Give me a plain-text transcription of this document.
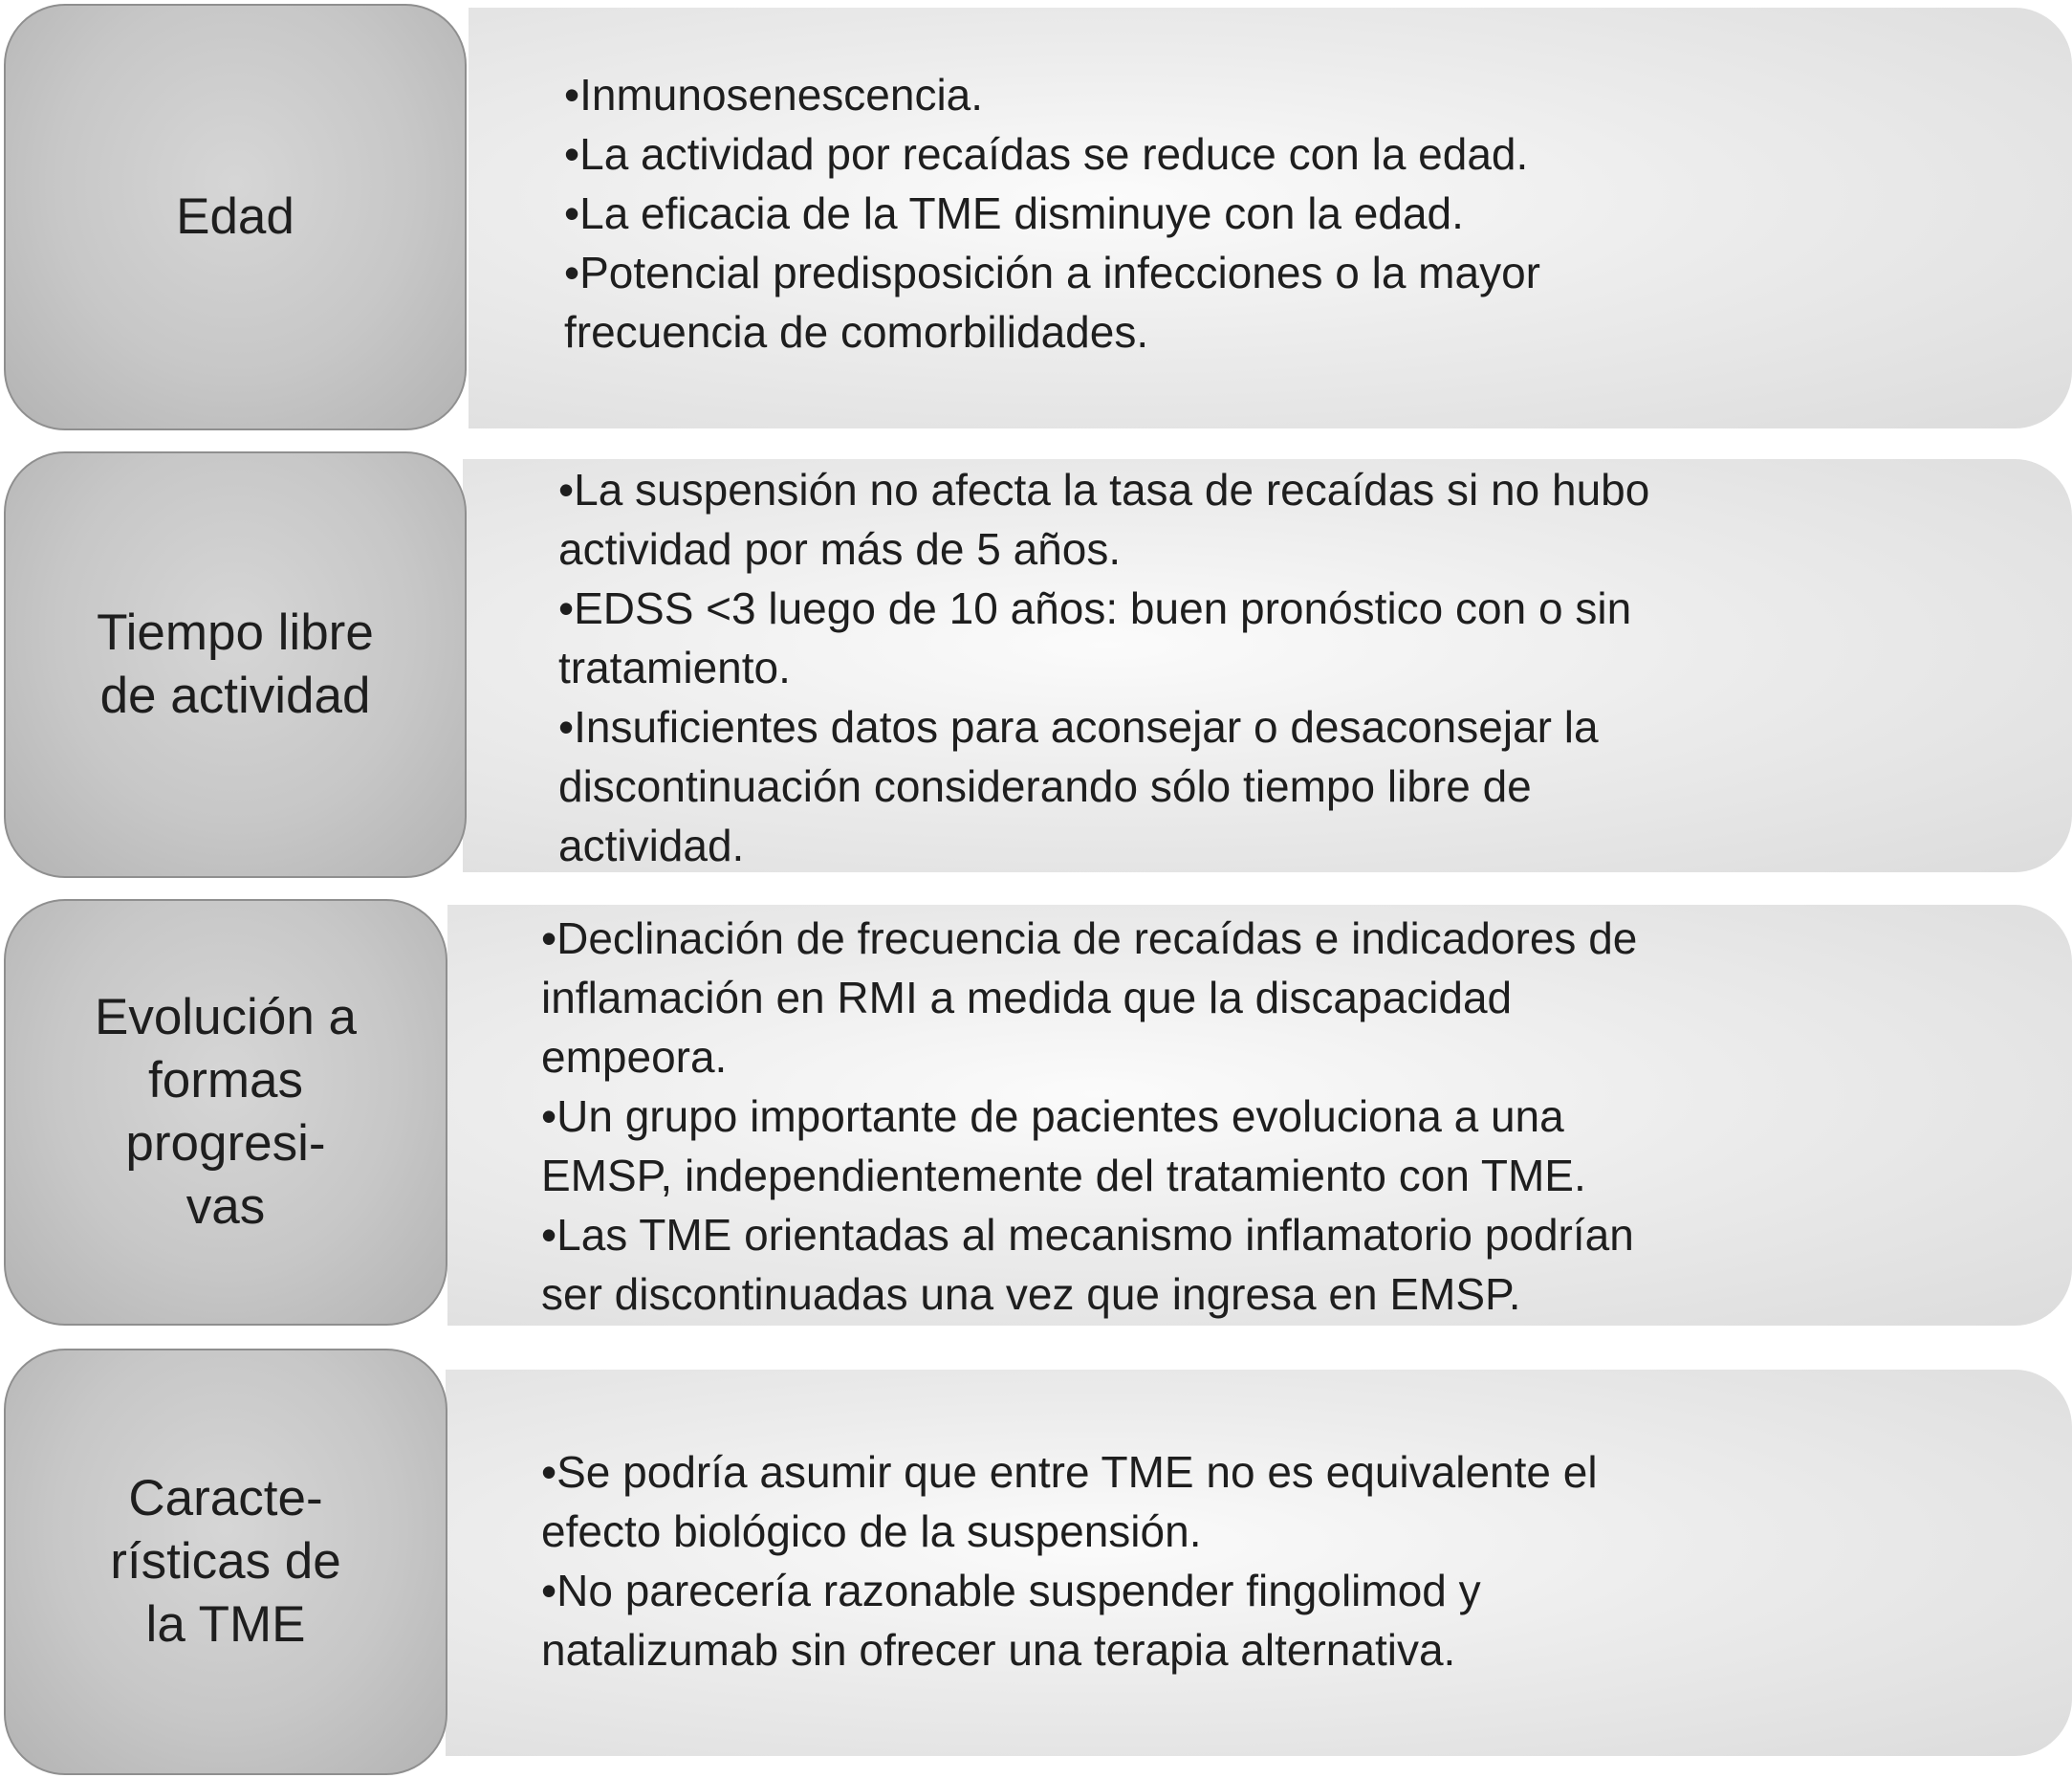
Edad
•Inmunosenescencia.
•La actividad por recaídas se reduce con la edad.
•La eficacia de la TME disminuye con la edad.
•Potencial predisposición a infecciones o la mayor
frecuencia de comorbilidades.
Tiempo libre
de actividad
•La suspensión no afecta la tasa de recaídas si no hubo
actividad por más de 5 años.
•EDSS <3 luego de 10 años: buen pronóstico con o sin
tratamiento.
•Insuficientes datos para aconsejar o desaconsejar la
discontinuación considerando sólo tiempo libre de
actividad.
Evolución a
formas
progresi-
vas
•Declinación de frecuencia de recaídas e indicadores de
inflamación en RMI a medida que la discapacidad
empeora.
•Un grupo importante de pacientes evoluciona a una
EMSP, independientemente del tratamiento con TME.
•Las TME orientadas al mecanismo inflamatorio podrían
ser discontinuadas una vez que ingresa en EMSP.
Caracte-
rísticas de
la TME
•Se podría asumir que entre TME no es equivalente el
efecto biológico de la suspensión.
•No parecería razonable suspender fingolimod y
natalizumab sin ofrecer una terapia alternativa.
